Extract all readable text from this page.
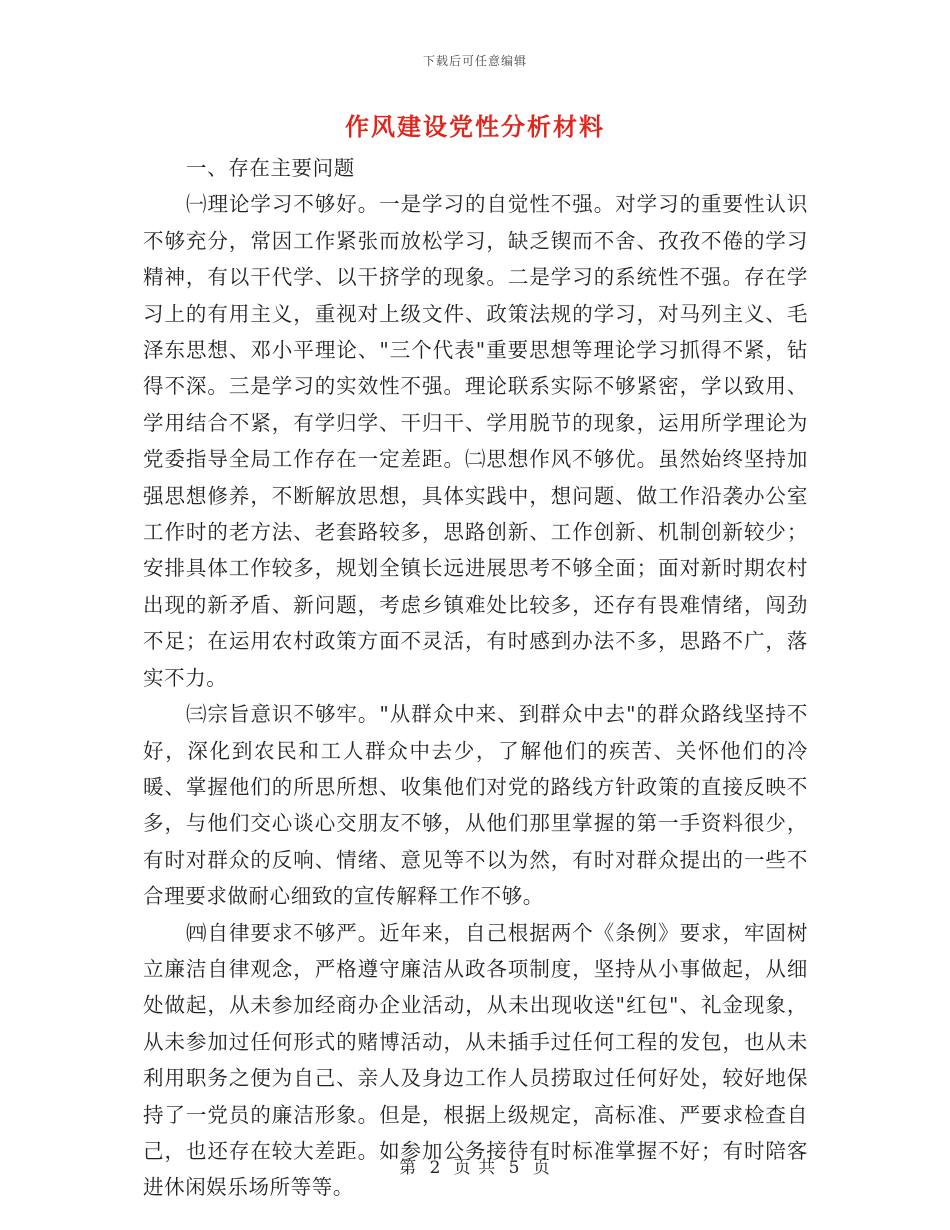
下载后可任意编辑
作风建设党性分析材料

一、存在主要问题

㈠理论学习不够好。一是学习的自觉性不强。对学习的重要性认识不够充分，常因工作紧张而放松学习，缺乏锲而不舍、孜孜不倦的学习精神，有以干代学、以干挤学的现象。二是学习的系统性不强。存在学习上的有用主义，重视对上级文件、政策法规的学习，对马列主义、毛泽东思想、邓小平理论、"三个代表"重要思想等理论学习抓得不紧，钻得不深。三是学习的实效性不强。理论联系实际不够紧密，学以致用、学用结合不紧，有学归学、干归干、学用脱节的现象，运用所学理论为党委指导全局工作存在一定差距。㈡思想作风不够优。虽然始终坚持加强思想修养，不断解放思想，具体实践中，想问题、做工作沿袭办公室工作时的老方法、老套路较多，思路创新、工作创新、机制创新较少；安排具体工作较多，规划全镇长远进展思考不够全面；面对新时期农村出现的新矛盾、新问题，考虑乡镇难处比较多，还存有畏难情绪，闯劲不足；在运用农村政策方面不灵活，有时感到办法不多，思路不广，落实不力。

㈢宗旨意识不够牢。"从群众中来、到群众中去"的群众路线坚持不好，深化到农民和工人群众中去少，了解他们的疾苦、关怀他们的冷暖、掌握他们的所思所想、收集他们对党的路线方针政策的直接反映不多，与他们交心谈心交朋友不够，从他们那里掌握的第一手资料很少，有时对群众的反响、情绪、意见等不以为然，有时对群众提出的一些不合理要求做耐心细致的宣传解释工作不够。

㈣自律要求不够严。近年来，自己根据两个《条例》要求，牢固树立廉洁自律观念，严格遵守廉洁从政各项制度，坚持从小事做起，从细处做起，从未参加经商办企业活动，从未出现收送"红包"、礼金现象，从未参加过任何形式的赌博活动，从未插手过任何工程的发包，也从未利用职务之便为自己、亲人及身边工作人员捞取过任何好处，较好地保持了一党员的廉洁形象。但是，根据上级规定，高标准、严要求检查自己，也还存在较大差距。如参加公务接待有时标准掌握不好；有时陪客进休闲娱乐场所等等。

第 2 页 共 5 页
